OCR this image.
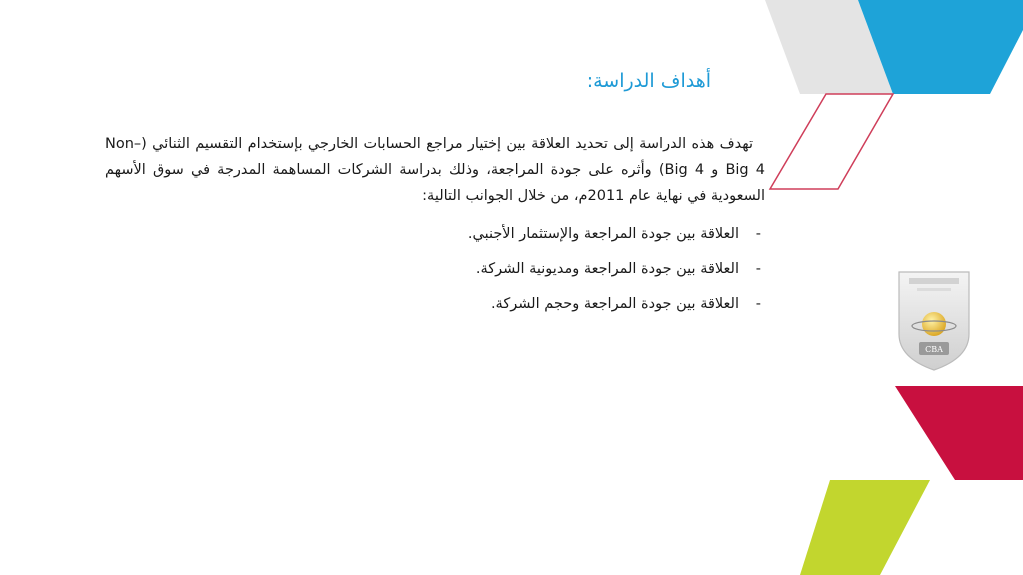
أهداف الدراسة:

تهدف هذه الدراسة إلى تحديد العلاقة بين إختيار مراجع الحسابات الخارجي بإستخدام التقسيم الثنائي (Non– Big 4 و Big 4) وأثره على جودة المراجعة، وذلك بدراسة الشركات المساهمة المدرجة في سوق الأسهم السعودية في نهاية عام 2011م، من خلال الجوانب التالية:

-العلاقة بين جودة المراجعة والإستثمار الأجنبي.
-العلاقة بين جودة المراجعة ومديونية الشركة.
-العلاقة بين جودة المراجعة وحجم الشركة.
CBA
